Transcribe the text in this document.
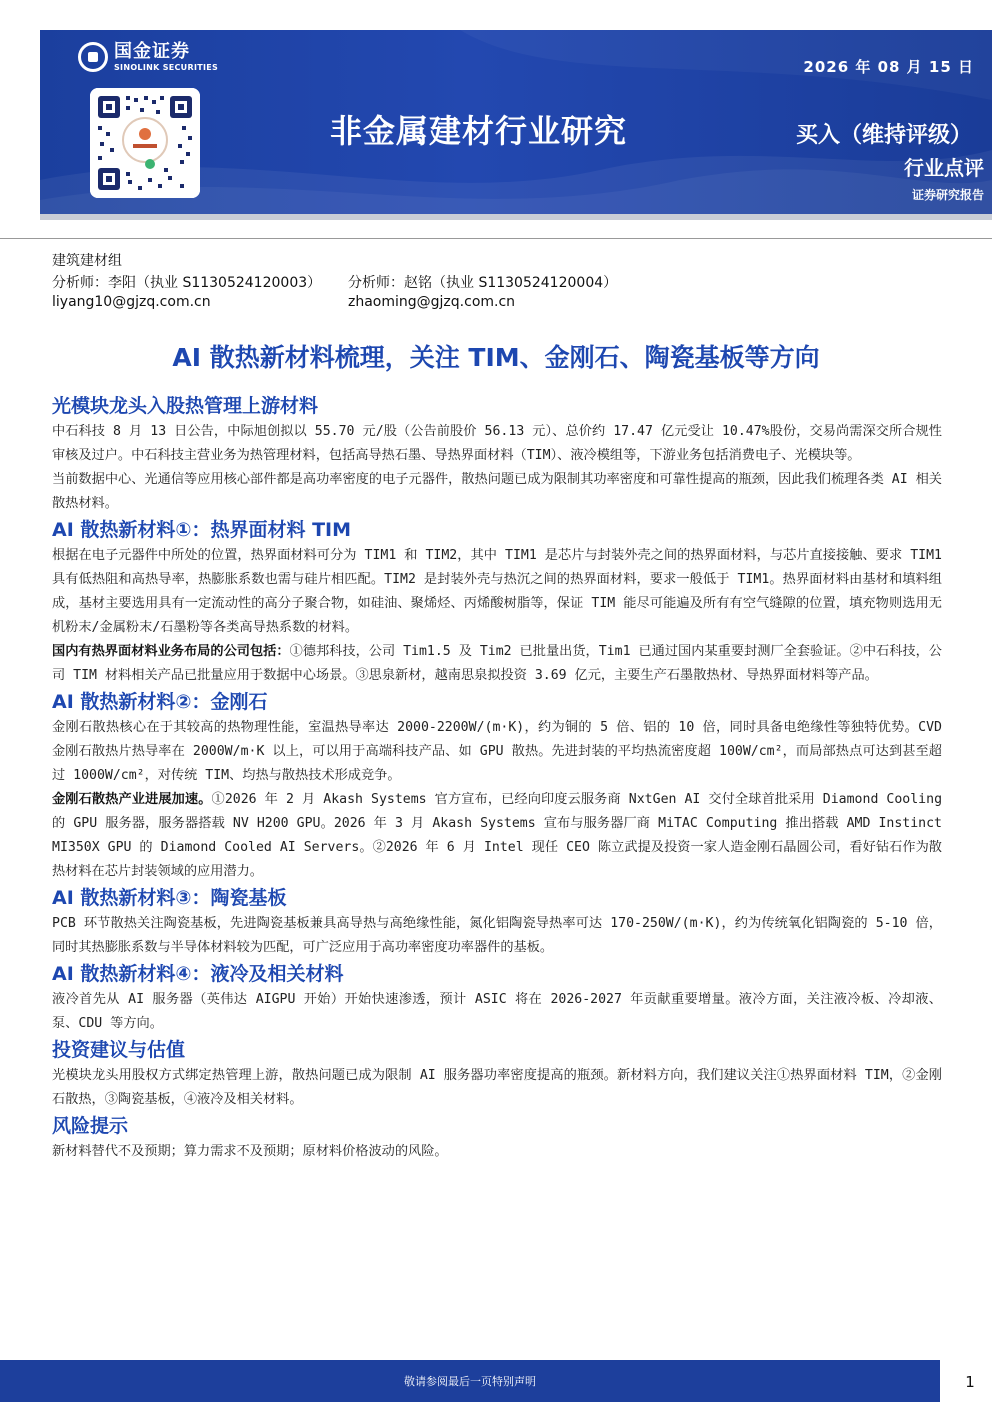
国金证券
SINOLINK SECURITIES	2026 年 08 月 15 日
非金属建材行业研究	买入（维持评级）
行业点评
证券研究报告
建筑建材组
分析师：李阳（执业 S1130524120003）
liyang10@gjzq.com.cn
分析师：赵铭（执业 S1130524120004）
zhaoming@gjzq.com.cn
AI 散热新材料梳理，关注 TIM、金刚石、陶瓷基板等方向
光模块龙头入股热管理上游材料

中石科技 8 月 13 日公告，中际旭创拟以 55.70 元/股（公告前股价 56.13 元）、总价约 17.47 亿元受让 10.47%股份，交易尚需深交所合规性审核及过户。中石科技主营业务为热管理材料，包括高导热石墨、导热界面材料（TIM）、液冷模组等，下游业务包括消费电子、光模块等。

当前数据中心、光通信等应用核心部件都是高功率密度的电子元器件，散热问题已成为限制其功率密度和可靠性提高的瓶颈，因此我们梳理各类 AI 相关散热材料。

AI 散热新材料①：热界面材料 TIM

根据在电子元器件中所处的位置，热界面材料可分为 TIM1 和 TIM2，其中 TIM1 是芯片与封装外壳之间的热界面材料，与芯片直接接触、要求 TIM1 具有低热阻和高热导率，热膨胀系数也需与硅片相匹配。TIM2 是封装外壳与热沉之间的热界面材料，要求一般低于 TIM1。热界面材料由基材和填料组成，基材主要选用具有一定流动性的高分子聚合物，如硅油、聚烯烃、丙烯酸树脂等，保证 TIM 能尽可能遍及所有有空气缝隙的位置，填充物则选用无机粉末/金属粉末/石墨粉等各类高导热系数的材料。

国内有热界面材料业务布局的公司包括：①德邦科技，公司 Tim1.5 及 Tim2 已批量出货，Tim1 已通过国内某重要封测厂全套验证。②中石科技，公司 TIM 材料相关产品已批量应用于数据中心场景。③思泉新材，越南思泉拟投资 3.69 亿元，主要生产石墨散热材、导热界面材料等产品。

AI 散热新材料②：金刚石

金刚石散热核心在于其较高的热物理性能，室温热导率达 2000-2200W/(m·K)，约为铜的 5 倍、铝的 10 倍，同时具备电绝缘性等独特优势。CVD 金刚石散热片热导率在 2000W/m·K 以上，可以用于高端科技产品、如 GPU 散热。先进封装的平均热流密度超 100W/cm²，而局部热点可达到甚至超过 1000W/cm²，对传统 TIM、均热与散热技术形成竞争。

金刚石散热产业进展加速。①2026 年 2 月 Akash Systems 官方宣布，已经向印度云服务商 NxtGen AI 交付全球首批采用 Diamond Cooling 的 GPU 服务器，服务器搭载 NV H200 GPU。2026 年 3 月 Akash Systems 宣布与服务器厂商 MiTAC Computing 推出搭载 AMD Instinct MI350X GPU 的 Diamond Cooled AI Servers。②2026 年 6 月 Intel 现任 CEO 陈立武提及投资一家人造金刚石晶圆公司，看好钻石作为散热材料在芯片封装领域的应用潜力。

AI 散热新材料③：陶瓷基板

PCB 环节散热关注陶瓷基板，先进陶瓷基板兼具高导热与高绝缘性能，氮化铝陶瓷导热率可达 170-250W/(m·K)，约为传统氧化铝陶瓷的 5-10 倍，同时其热膨胀系数与半导体材料较为匹配，可广泛应用于高功率密度功率器件的基板。

AI 散热新材料④：液冷及相关材料

液冷首先从 AI 服务器（英伟达 AIGPU 开始）开始快速渗透，预计 ASIC 将在 2026-2027 年贡献重要增量。液冷方面，关注液冷板、冷却液、泵、CDU 等方向。

投资建议与估值

光模块龙头用股权方式绑定热管理上游，散热问题已成为限制 AI 服务器功率密度提高的瓶颈。新材料方向，我们建议关注①热界面材料 TIM，②金刚石散热，③陶瓷基板，④液冷及相关材料。

风险提示

新材料替代不及预期；算力需求不及预期；原材料价格波动的风险。

敬请参阅最后一页特别声明	1
